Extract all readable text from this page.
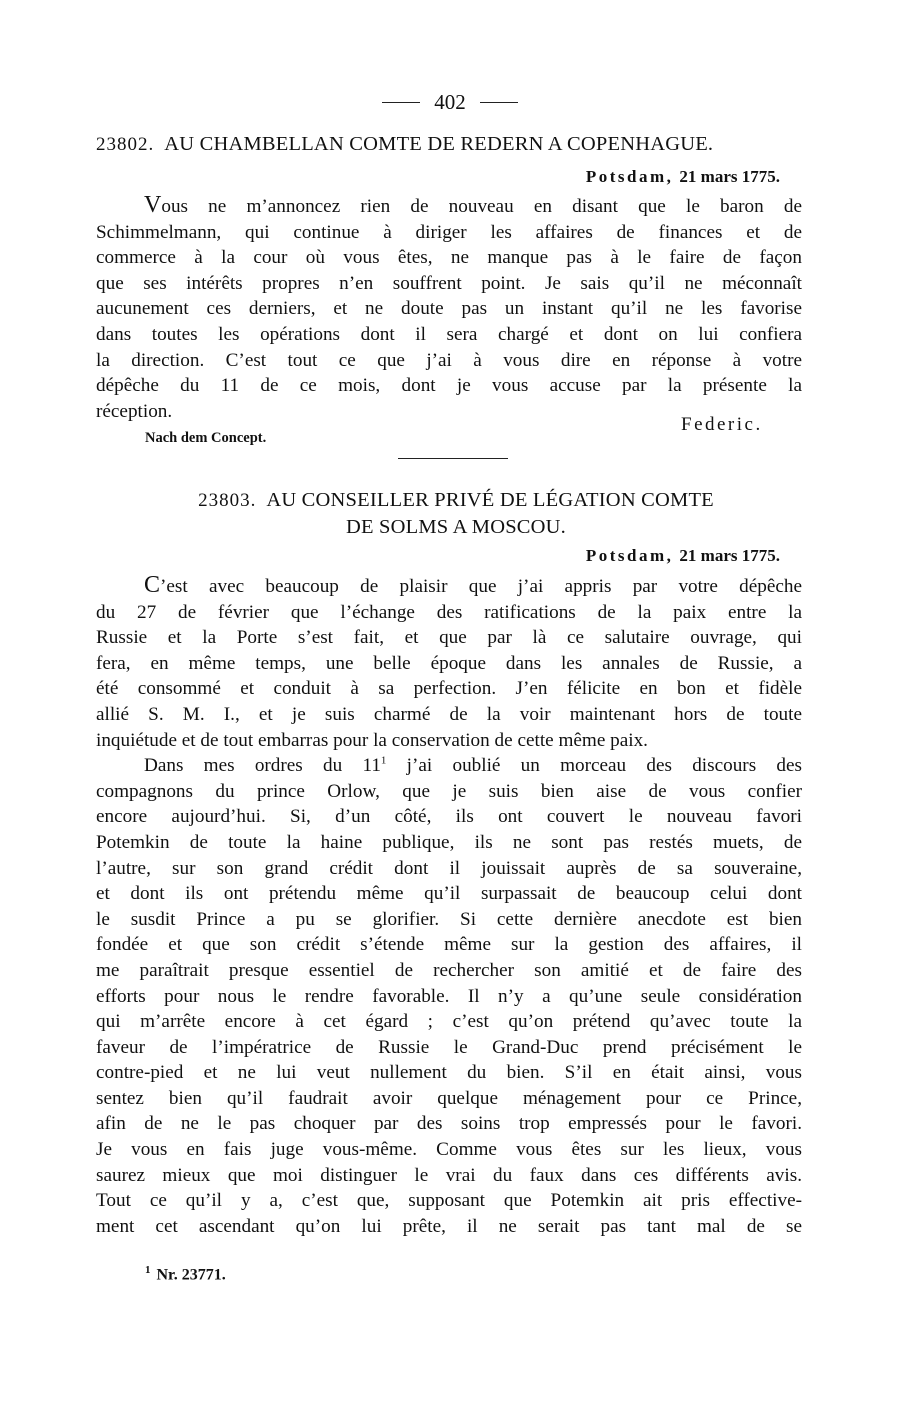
402
23802. AU CHAMBELLAN COMTE DE REDERN A COPENHAGUE.
Potsdam, 21 mars 1775.
Vous ne m’annoncez rien de nouveau en disant que le baron de
Schimmelmann, qui continue à diriger les affaires de finances et de
commerce à la cour où vous êtes, ne manque pas à le faire de façon
que ses intérêts propres n’en souffrent point. Je sais qu’il ne méconnaît
aucunement ces derniers, et ne doute pas un instant qu’il ne les favorise
dans toutes les opérations dont il sera chargé et dont on lui confiera
la direction. C’est tout ce que j’ai à vous dire en réponse à votre
dépêche du 11 de ce mois, dont je vous accuse par la présente la
réception.
Federic.
Nach dem Concept.
23803. AU CONSEILLER PRIVÉ DE LÉGATION COMTE
DE SOLMS A MOSCOU.
Potsdam, 21 mars 1775.
C’est avec beaucoup de plaisir que j’ai appris par votre dépêche
du 27 de février que l’échange des ratifications de la paix entre la
Russie et la Porte s’est fait, et que par là ce salutaire ouvrage, qui
fera, en même temps, une belle époque dans les annales de Russie, a
été consommé et conduit à sa perfection. J’en félicite en bon et fidèle
allié S. M. I., et je suis charmé de la voir maintenant hors de toute
inquiétude et de tout embarras pour la conservation de cette même paix.
Dans mes ordres du $11^1$ j’ai oublié un morceau des discours des
compagnons du prince Orlow, que je suis bien aise de vous confier
encore aujourd’hui. Si, d’un côté, ils ont couvert le nouveau favori
Potemkin de toute la haine publique, ils ne sont pas restés muets, de
l’autre, sur son grand crédit dont il jouissait auprès de sa souveraine,
et dont ils ont prétendu même qu’il surpassait de beaucoup celui dont
le susdit Prince a pu se glorifier. Si cette dernière anecdote est bien
fondée et que son crédit s’étende même sur la gestion des affaires, il
me paraîtrait presque essentiel de rechercher son amitié et de faire des
efforts pour nous le rendre favorable. Il n’y a qu’une seule considération
qui m’arrête encore à cet égard ; c’est qu’on prétend qu’avec toute la
faveur de l’impératrice de Russie le Grand-Duc prend précisément le
contre-pied et ne lui veut nullement du bien. S’il en était ainsi, vous
sentez bien qu’il faudrait avoir quelque ménagement pour ce Prince,
afin de ne le pas choquer par des soins trop empressés pour le favori.
Je vous en fais juge vous-même. Comme vous êtes sur les lieux, vous
saurez mieux que moi distinguer le vrai du faux dans ces différents avis.
Tout ce qu’il y a, c’est que, supposant que Potemkin ait pris effective-
ment cet ascendant qu’on lui prête, il ne serait pas tant mal de se
$^1$ Nr. 23771.
